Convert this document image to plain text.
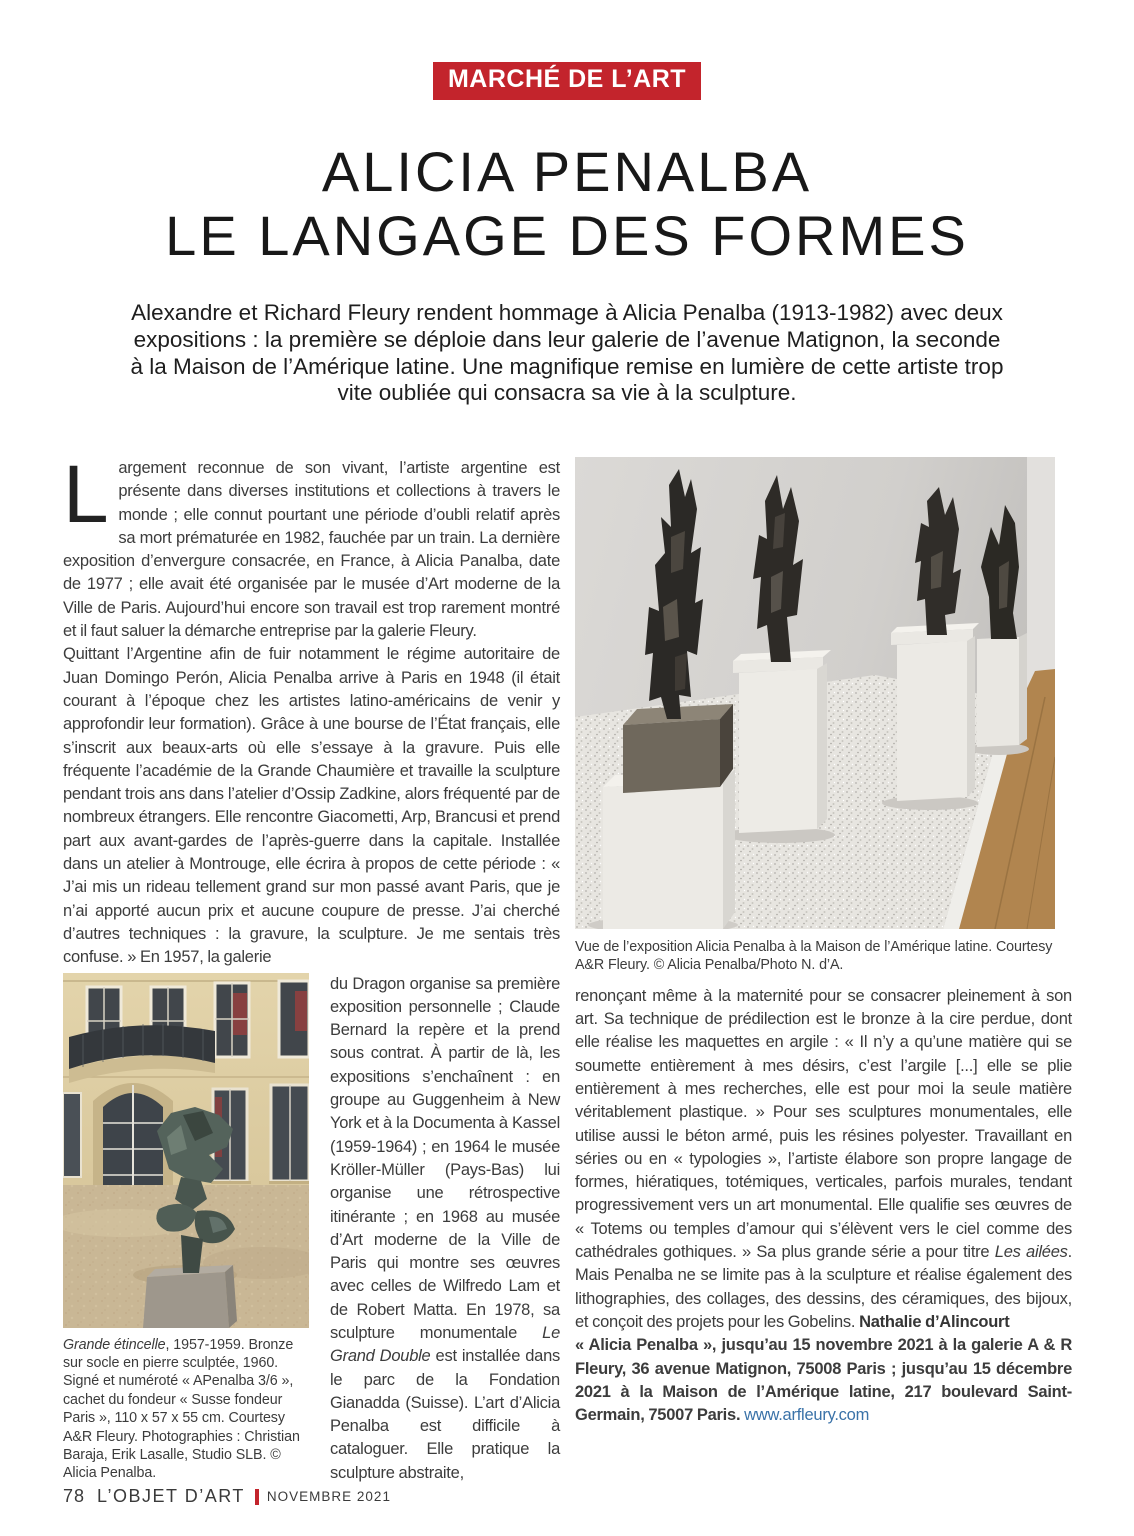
MARCHÉ DE L’ART
ALICIA PENALBA
LE LANGAGE DES FORMES

Alexandre et Richard Fleury rendent hommage à Alicia Penalba (1913-1982) avec deux expositions : la première se déploie dans leur galerie de l’avenue Matignon, la seconde à la Maison de l’Amérique latine. Une magnifique remise en lumière de cette artiste trop vite oubliée qui consacra sa vie à la sculpture.

Largement reconnue de son vivant, l’artiste argentine est présente dans diverses institutions et collections à travers le monde ; elle connut pourtant une période d’oubli relatif après sa mort prématurée en 1982, fauchée par un train. La dernière exposition d’envergure consacrée, en France, à Alicia Panalba, date de 1977 ; elle avait été organisée par le musée d’Art moderne de la Ville de Paris. Aujourd’hui encore son travail est trop rarement montré et il faut saluer la démarche entreprise par la galerie Fleury.

Quittant l’Argentine afin de fuir notamment le régime autoritaire de Juan Domingo Perón, Alicia Penalba arrive à Paris en 1948 (il était courant à l’époque chez les artistes latino-américains de venir y approfondir leur formation). Grâce à une bourse de l’État français, elle s’inscrit aux beaux-arts où elle s’essaye à la gravure. Puis elle fréquente l’académie de la Grande Chaumière et travaille la sculpture pendant trois ans dans l’atelier d’Ossip Zadkine, alors fréquenté par de nombreux étrangers. Elle rencontre Giacometti, Arp, Brancusi et prend part aux avant-gardes de l’après-guerre dans la capitale. Installée dans un atelier à Montrouge, elle écrira à propos de cette période : « J’ai mis un rideau tellement grand sur mon passé avant Paris, que je n’ai apporté aucun prix et aucune coupure de presse. J’ai cherché d’autres techniques : la gravure, la sculpture. Je me sentais très confuse. » En 1957, la galerie

Grande étincelle, 1957-1959. Bronze sur socle en pierre sculptée, 1960. Signé et numéroté « APenalba 3/6 », cachet du fondeur « Susse fondeur Paris », 110 x 57 x 55 cm. Courtesy A&R Fleury. Photographies : Christian Baraja, Erik Lasalle, Studio SLB. © Alicia Penalba.
du Dragon organise sa première exposition personnelle ; Claude Bernard la repère et la prend sous contrat. À partir de là, les expositions s’enchaînent : en groupe au Guggenheim à New York et à la Documenta à Kassel (1959-1964) ; en 1964 le musée Kröller-Müller (Pays-Bas) lui organise une rétrospective itinérante ; en 1968 au musée d’Art moderne de la Ville de Paris qui montre ses œuvres avec celles de Wilfredo Lam et de Robert Matta. En 1978, sa sculpture monumentale Le Grand Double est installée dans le parc de la Fondation Gianadda (Suisse). L’art d’Alicia Penalba est difficile à cataloguer. Elle pratique la sculpture abstraite,
Vue de l’exposition Alicia Penalba à la Maison de l’Amérique latine. Courtesy A&R Fleury. © Alicia Penalba/Photo N. d’A.

renonçant même à la maternité pour se consacrer pleinement à son art. Sa technique de prédilection est le bronze à la cire perdue, dont elle réalise les maquettes en argile : « Il n’y a qu’une matière qui se soumette entièrement à mes désirs, c’est l’argile [...] elle se plie entièrement à mes recherches, elle est pour moi la seule matière véritablement plastique. » Pour ses sculptures monumentales, elle utilise aussi le béton armé, puis les résines polyester. Travaillant en séries ou en « typologies », l’artiste élabore son propre langage de formes, hiératiques, totémiques, verticales, parfois murales, tendant progressivement vers un art monumental. Elle qualifie ses œuvres de « Totems ou temples d’amour qui s’élèvent vers le ciel comme des cathédrales gothiques. » Sa plus grande série a pour titre Les ailées. Mais Penalba ne se limite pas à la sculpture et réalise également des lithographies, des collages, des dessins, des céramiques, des bijoux, et conçoit des projets pour les Gobelins. Nathalie d’Alincourt

« Alicia Penalba », jusqu’au 15 novembre 2021 à la galerie A & R Fleury, 36 avenue Matignon, 75008 Paris ; jusqu’au 15 décembre 2021 à la Maison de l’Amérique latine, 217 boulevard Saint-Germain, 75007 Paris. www.arfleury.com

78 L’OBJET D’ART NOVEMBRE 2021
